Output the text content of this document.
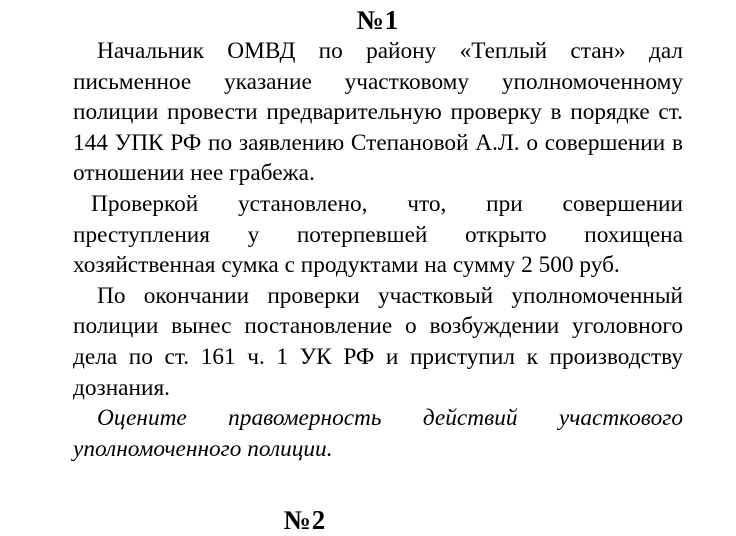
№1

Начальник ОМВД по району «Теплый стан» дал письменное указание участковому уполномоченному полиции провести предварительную проверку в порядке ст. 144 УПК РФ по заявлению Степановой А.Л. о совершении в отношении нее грабежа.

Проверкой установлено, что, при совершении преступления у потерпевшей открыто похищена хозяйственная сумка с продуктами на сумму 2 500 руб.

По окончании проверки участковый уполномоченный полиции вынес постановление о возбуждении уголовного дела по ст. 161 ч. 1 УК РФ и приступил к производству дознания.

Оцените правомерность действий участкового уполномоченного полиции.

№2
